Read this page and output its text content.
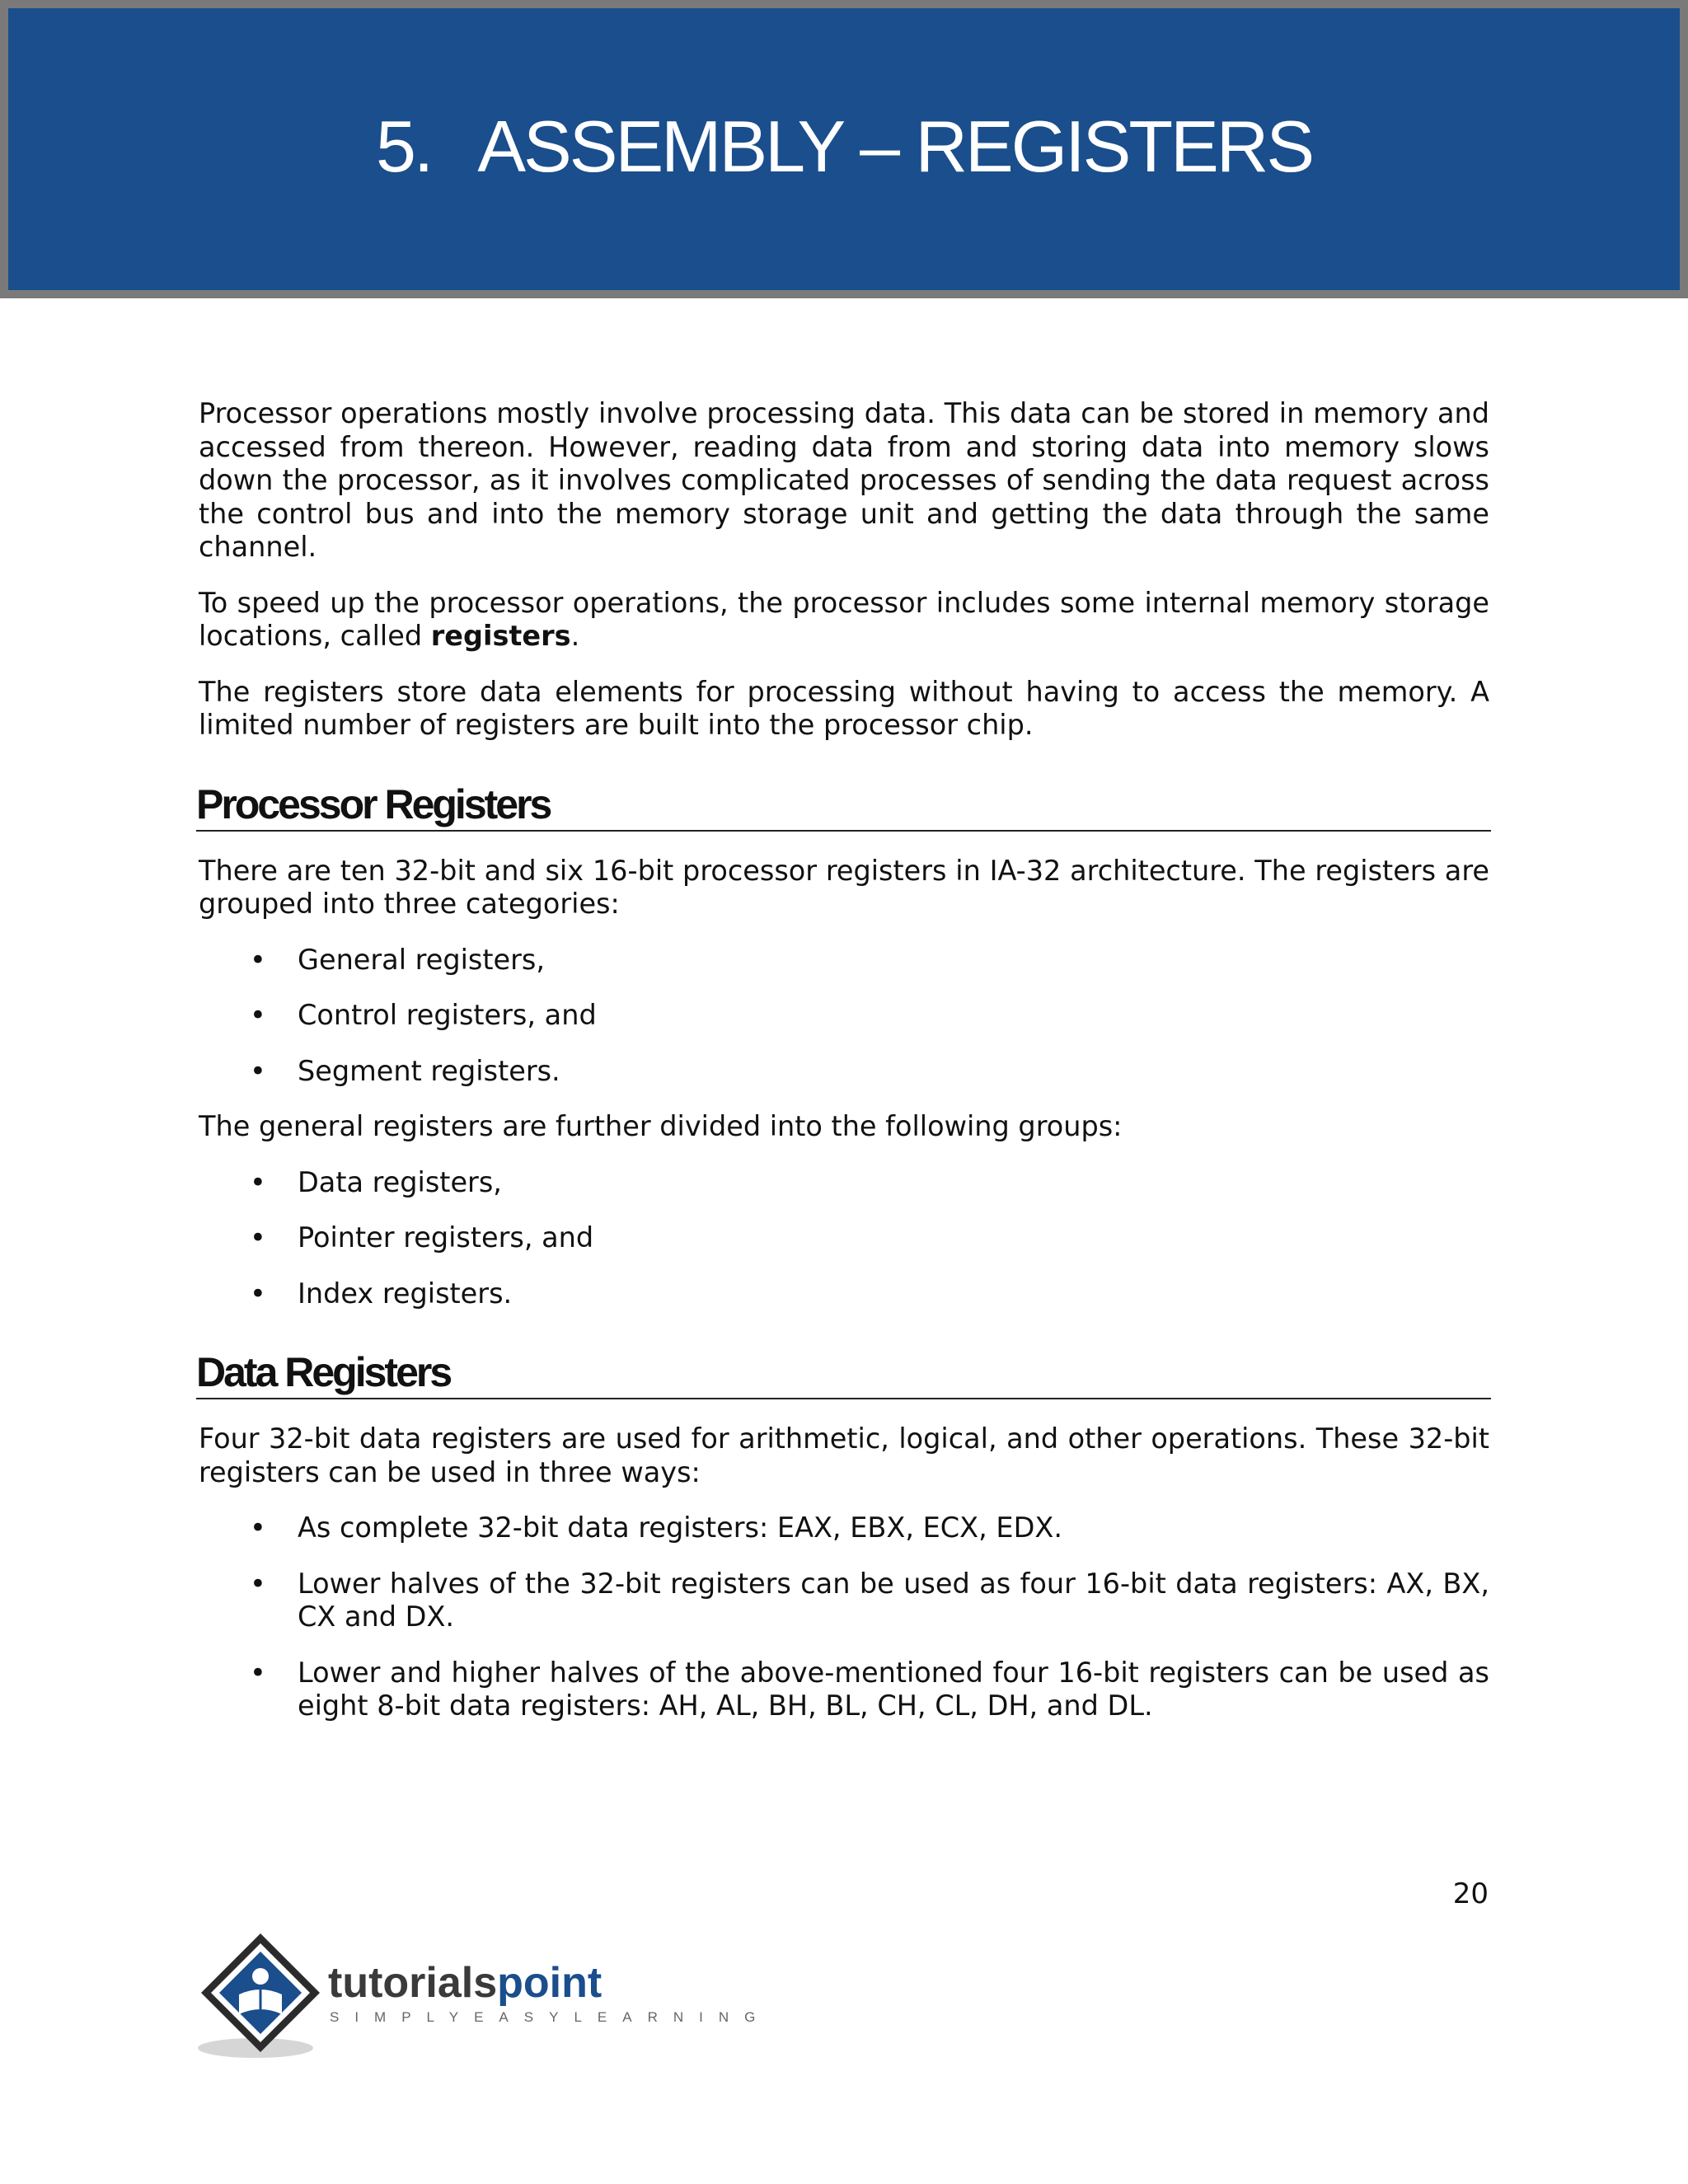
5. ASSEMBLY – REGISTERS

Processor operations mostly involve processing data. This data can be stored in memory and accessed from thereon. However, reading data from and storing data into memory slows down the processor, as it involves complicated processes of sending the data request across the control bus and into the memory storage unit and getting the data through the same channel.

To speed up the processor operations, the processor includes some internal memory storage locations, called registers.

The registers store data elements for processing without having to access the memory. A limited number of registers are built into the processor chip.

Processor Registers

There are ten 32-bit and six 16-bit processor registers in IA-32 architecture. The registers are grouped into three categories:

• General registers,
• Control registers, and
• Segment registers.

The general registers are further divided into the following groups:

• Data registers,
• Pointer registers, and
• Index registers.
Data Registers

Four 32-bit data registers are used for arithmetic, logical, and other operations. These 32-bit registers can be used in three ways:

• As complete 32-bit data registers: EAX, EBX, ECX, EDX.
• Lower halves of the 32-bit registers can be used as four 16-bit data registers: AX, BX, CX and DX.
• Lower and higher halves of the above-mentioned four 16-bit registers can be used as eight 8-bit data registers: AH, AL, BH, BL, CH, CL, DH, and DL.
20
tutorialspoint
SIMPLYEASYLEARNING
